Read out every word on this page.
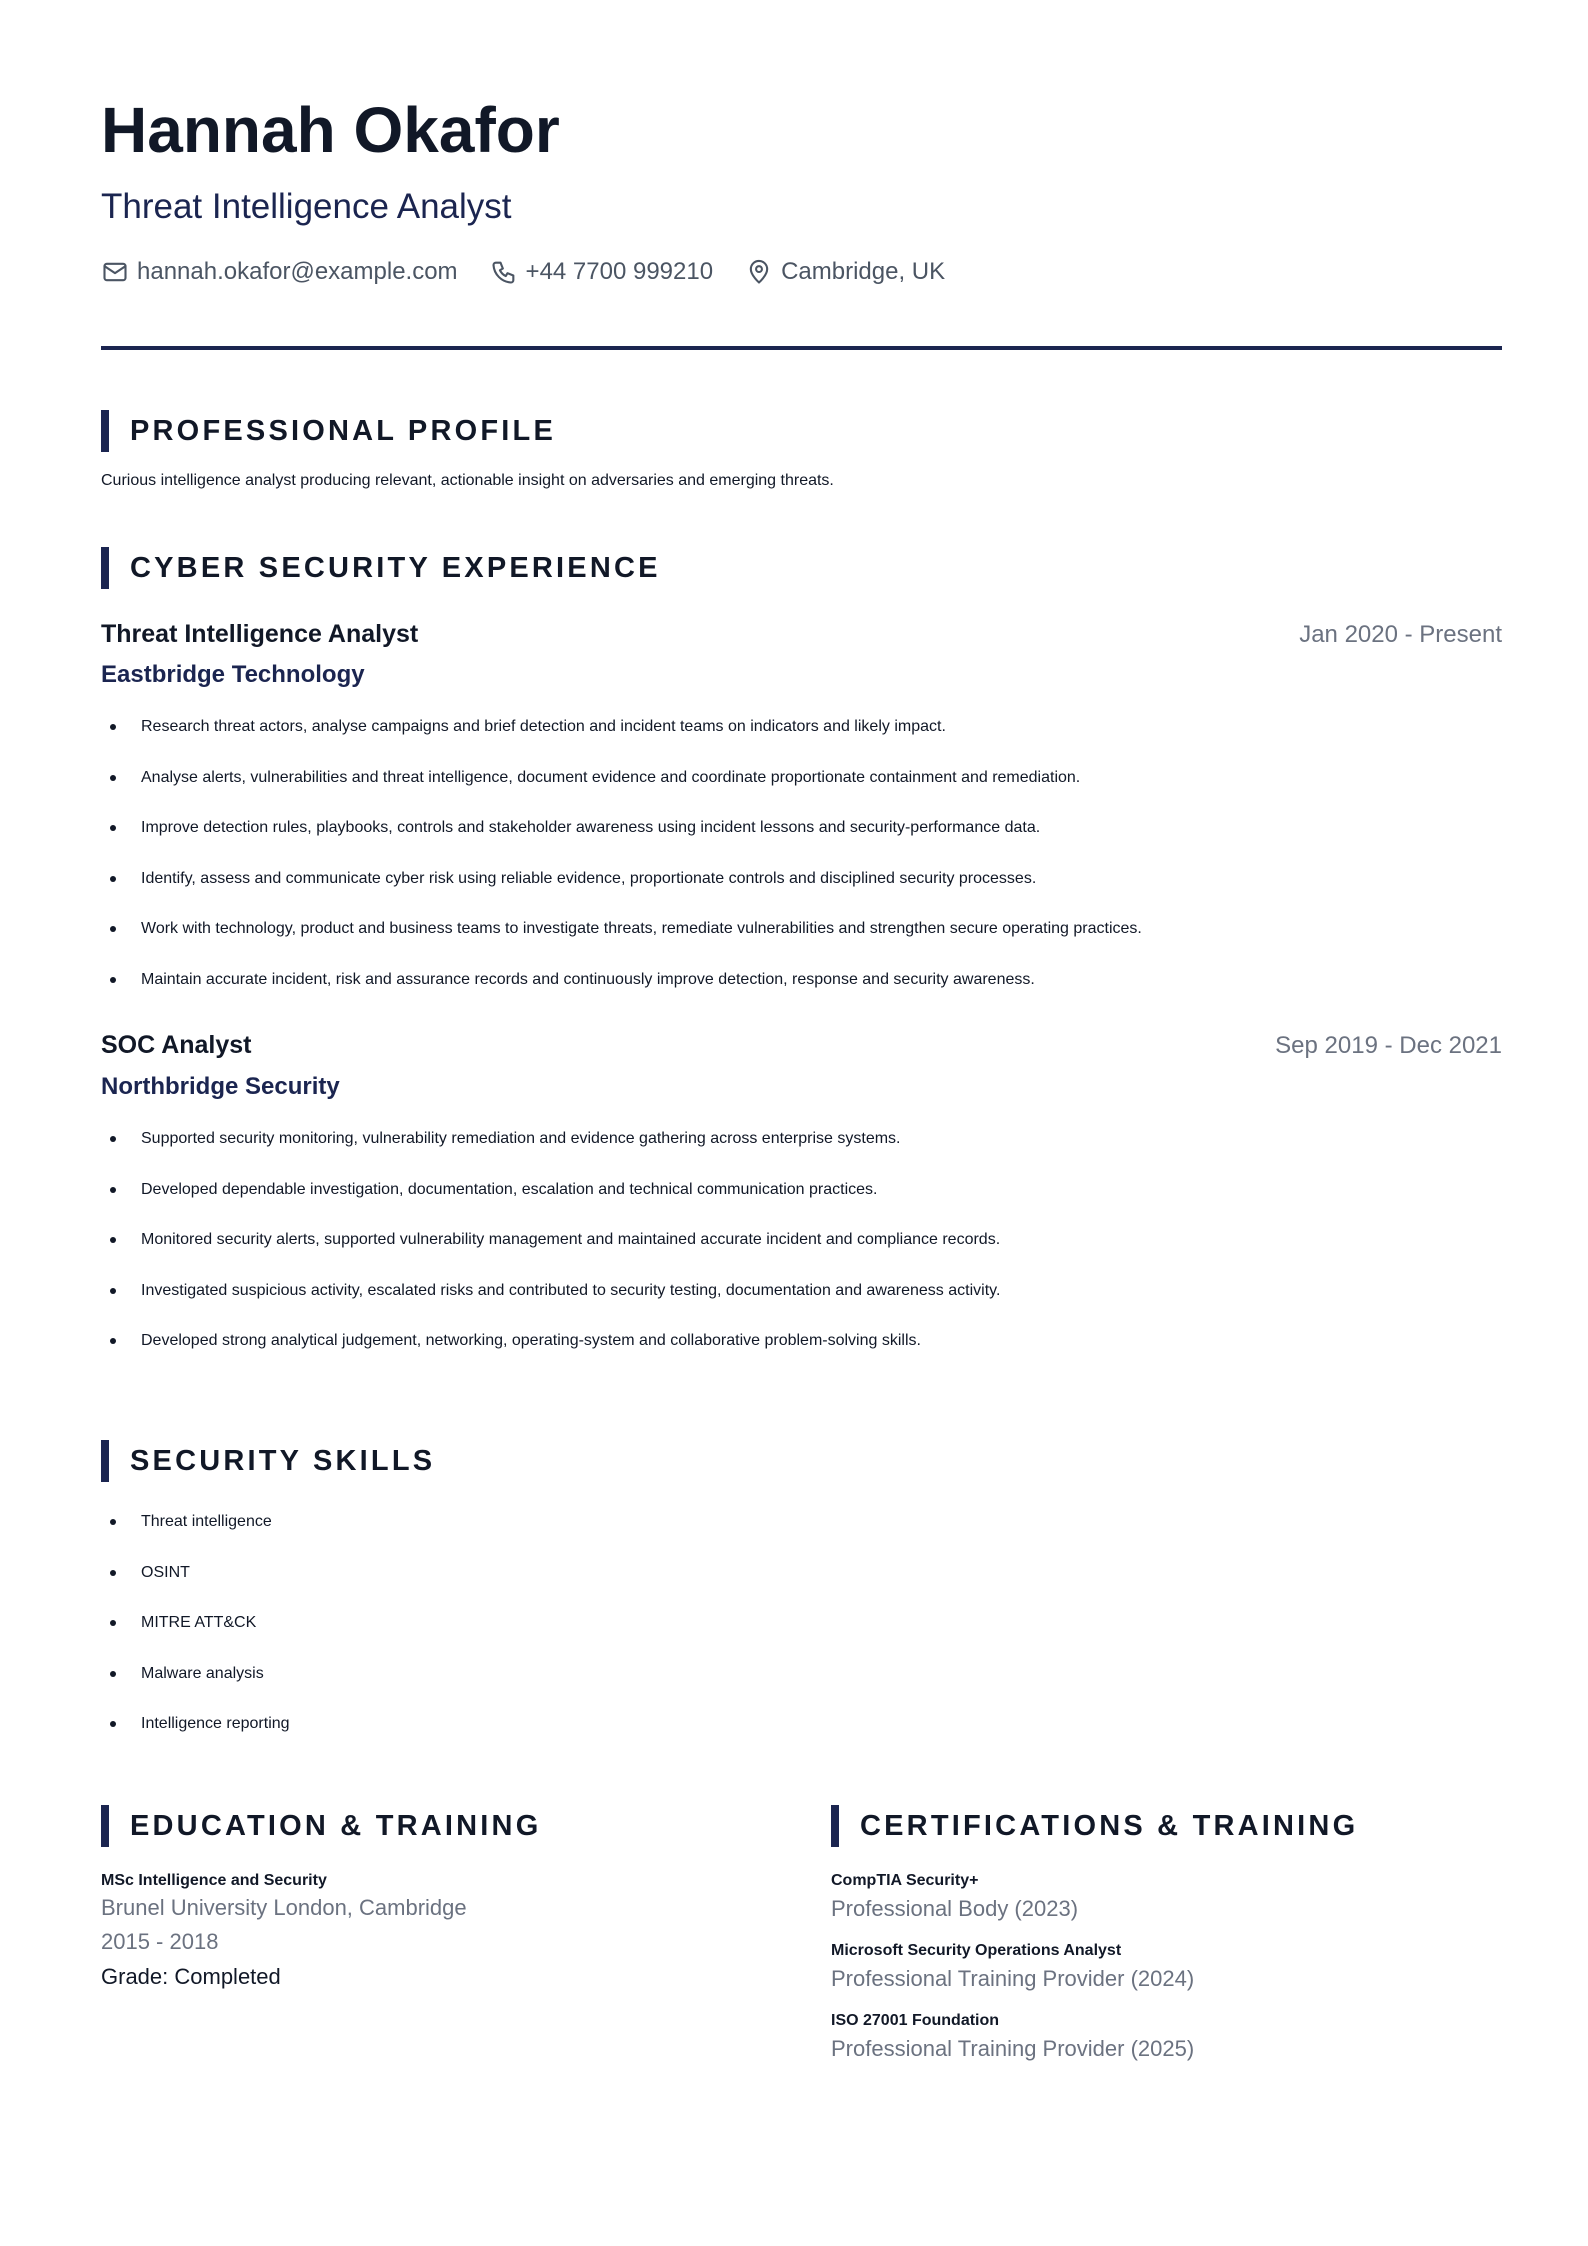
Hannah Okafor
Threat Intelligence Analyst
hannah.okafor@example.com	+44 7700 999210	Cambridge, UK
PROFESSIONAL PROFILE
Curious intelligence analyst producing relevant, actionable insight on adversaries and emerging threats.
CYBER SECURITY EXPERIENCE
Threat Intelligence Analyst	Jan 2020 - Present
Eastbridge Technology
Research threat actors, analyse campaigns and brief detection and incident teams on indicators and likely impact.
Analyse alerts, vulnerabilities and threat intelligence, document evidence and coordinate proportionate containment and remediation.
Improve detection rules, playbooks, controls and stakeholder awareness using incident lessons and security-performance data.
Identify, assess and communicate cyber risk using reliable evidence, proportionate controls and disciplined security processes.
Work with technology, product and business teams to investigate threats, remediate vulnerabilities and strengthen secure operating practices.
Maintain accurate incident, risk and assurance records and continuously improve detection, response and security awareness.
SOC Analyst	Sep 2019 - Dec 2021
Northbridge Security
Supported security monitoring, vulnerability remediation and evidence gathering across enterprise systems.
Developed dependable investigation, documentation, escalation and technical communication practices.
Monitored security alerts, supported vulnerability management and maintained accurate incident and compliance records.
Investigated suspicious activity, escalated risks and contributed to security testing, documentation and awareness activity.
Developed strong analytical judgement, networking, operating-system and collaborative problem-solving skills.
SECURITY SKILLS
Threat intelligence
OSINT
MITRE ATT&CK
Malware analysis
Intelligence reporting
EDUCATION & TRAINING
MSc Intelligence and Security
Brunel University London, Cambridge
2015 - 2018
Grade: Completed
CERTIFICATIONS & TRAINING
CompTIA Security+
Professional Body (2023)
Microsoft Security Operations Analyst
Professional Training Provider (2024)
ISO 27001 Foundation
Professional Training Provider (2025)
